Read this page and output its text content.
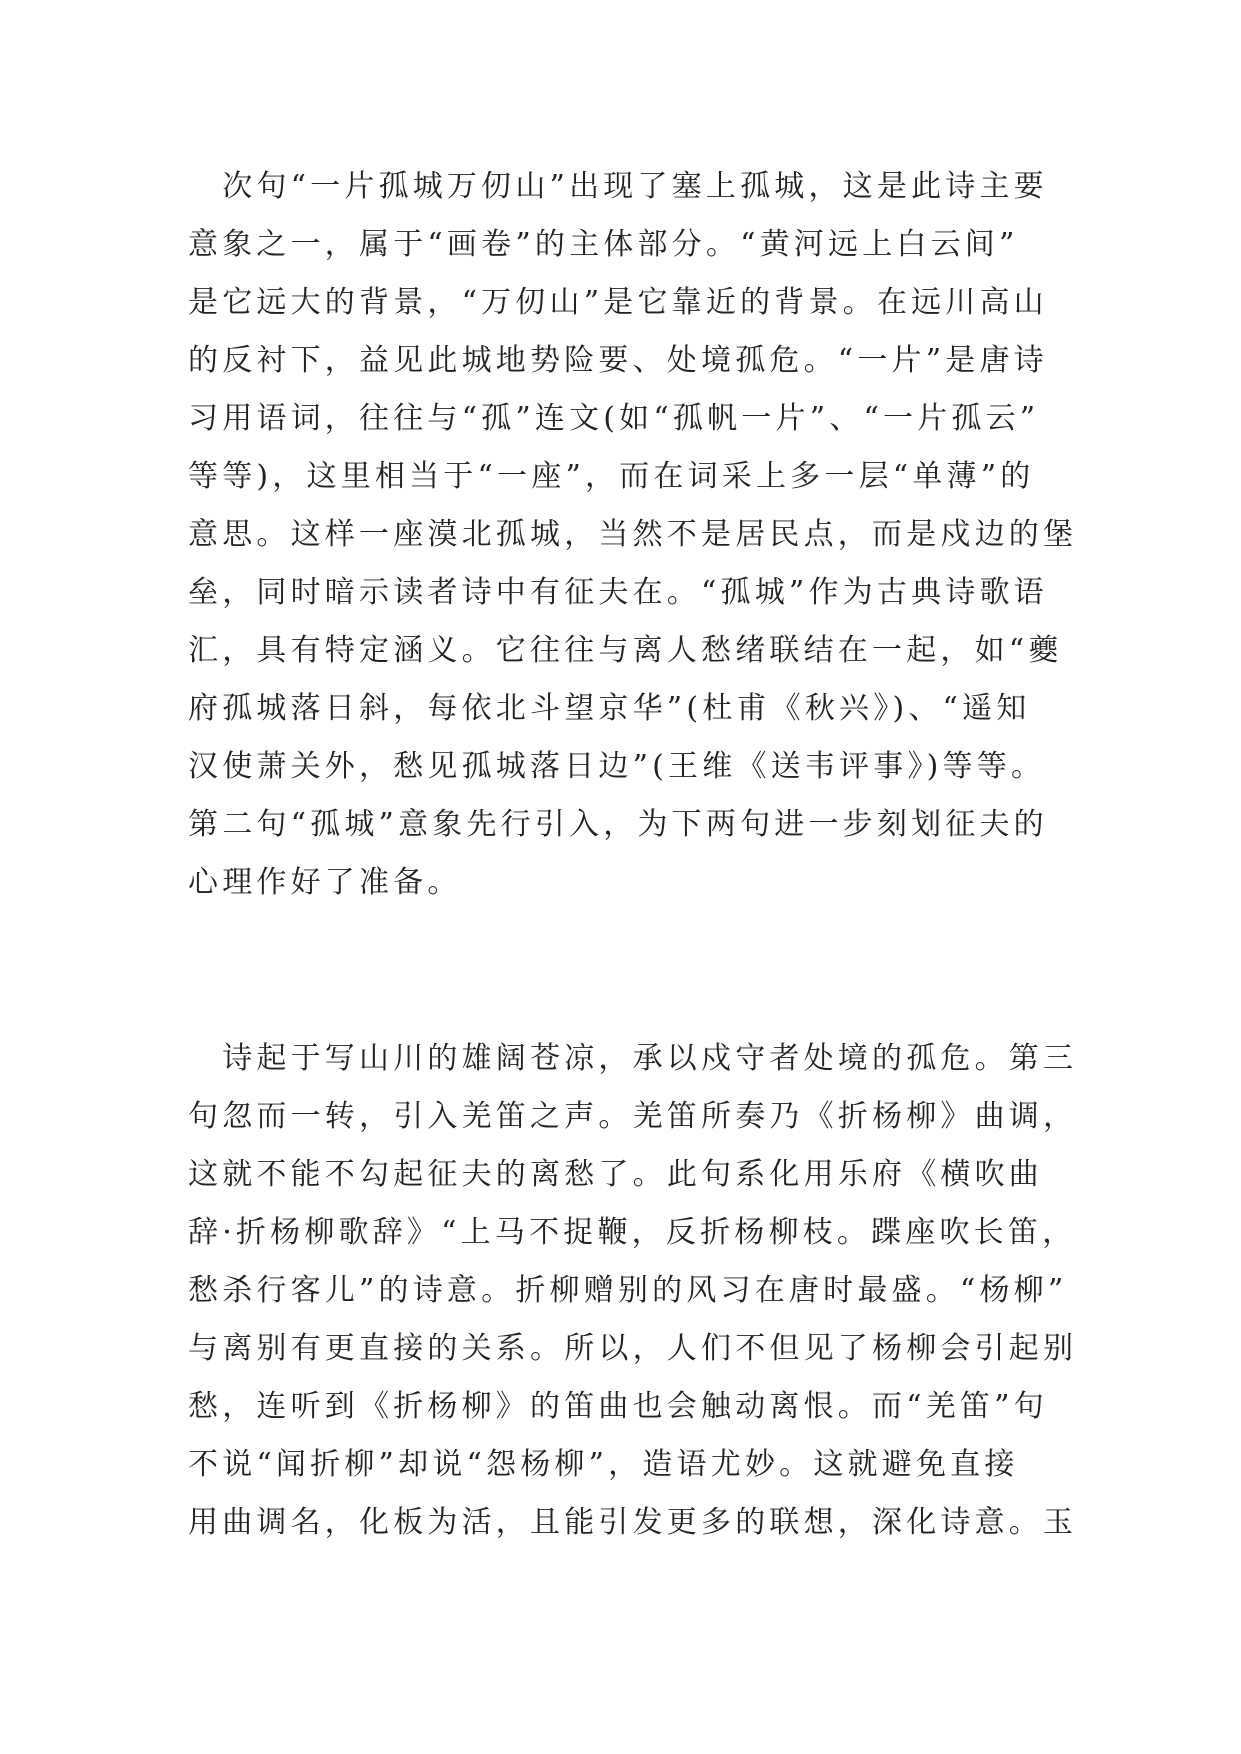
　次句“一片孤城万仞山”出现了塞上孤城，这是此诗主要
意象之一，属于“画卷”的主体部分。“黄河远上白云间”
是它远大的背景，“万仞山”是它靠近的背景。在远川高山
的反衬下，益见此城地势险要、处境孤危。“一片”是唐诗
习用语词，往往与“孤”连文(如“孤帆一片”、“一片孤云”
等等)，这里相当于“一座”，而在词采上多一层“单薄”的
意思。这样一座漠北孤城，当然不是居民点，而是戍边的堡
垒，同时暗示读者诗中有征夫在。“孤城”作为古典诗歌语
汇，具有特定涵义。它往往与离人愁绪联结在一起，如“夔
府孤城落日斜，每依北斗望京华”(杜甫《秋兴》)、“遥知
汉使萧关外，愁见孤城落日边”(王维《送韦评事》)等等。
第二句“孤城”意象先行引入，为下两句进一步刻划征夫的
心理作好了准备。
　诗起于写山川的雄阔苍凉，承以戍守者处境的孤危。第三
句忽而一转，引入羌笛之声。羌笛所奏乃《折杨柳》曲调，
这就不能不勾起征夫的离愁了。此句系化用乐府《横吹曲
辞·折杨柳歌辞》“上马不捉鞭，反折杨柳枝。蹀座吹长笛，
愁杀行客儿”的诗意。折柳赠别的风习在唐时最盛。“杨柳”
与离别有更直接的关系。所以，人们不但见了杨柳会引起别
愁，连听到《折杨柳》的笛曲也会触动离恨。而“羌笛”句
不说“闻折柳”却说“怨杨柳”，造语尤妙。这就避免直接
用曲调名，化板为活，且能引发更多的联想，深化诗意。玉
